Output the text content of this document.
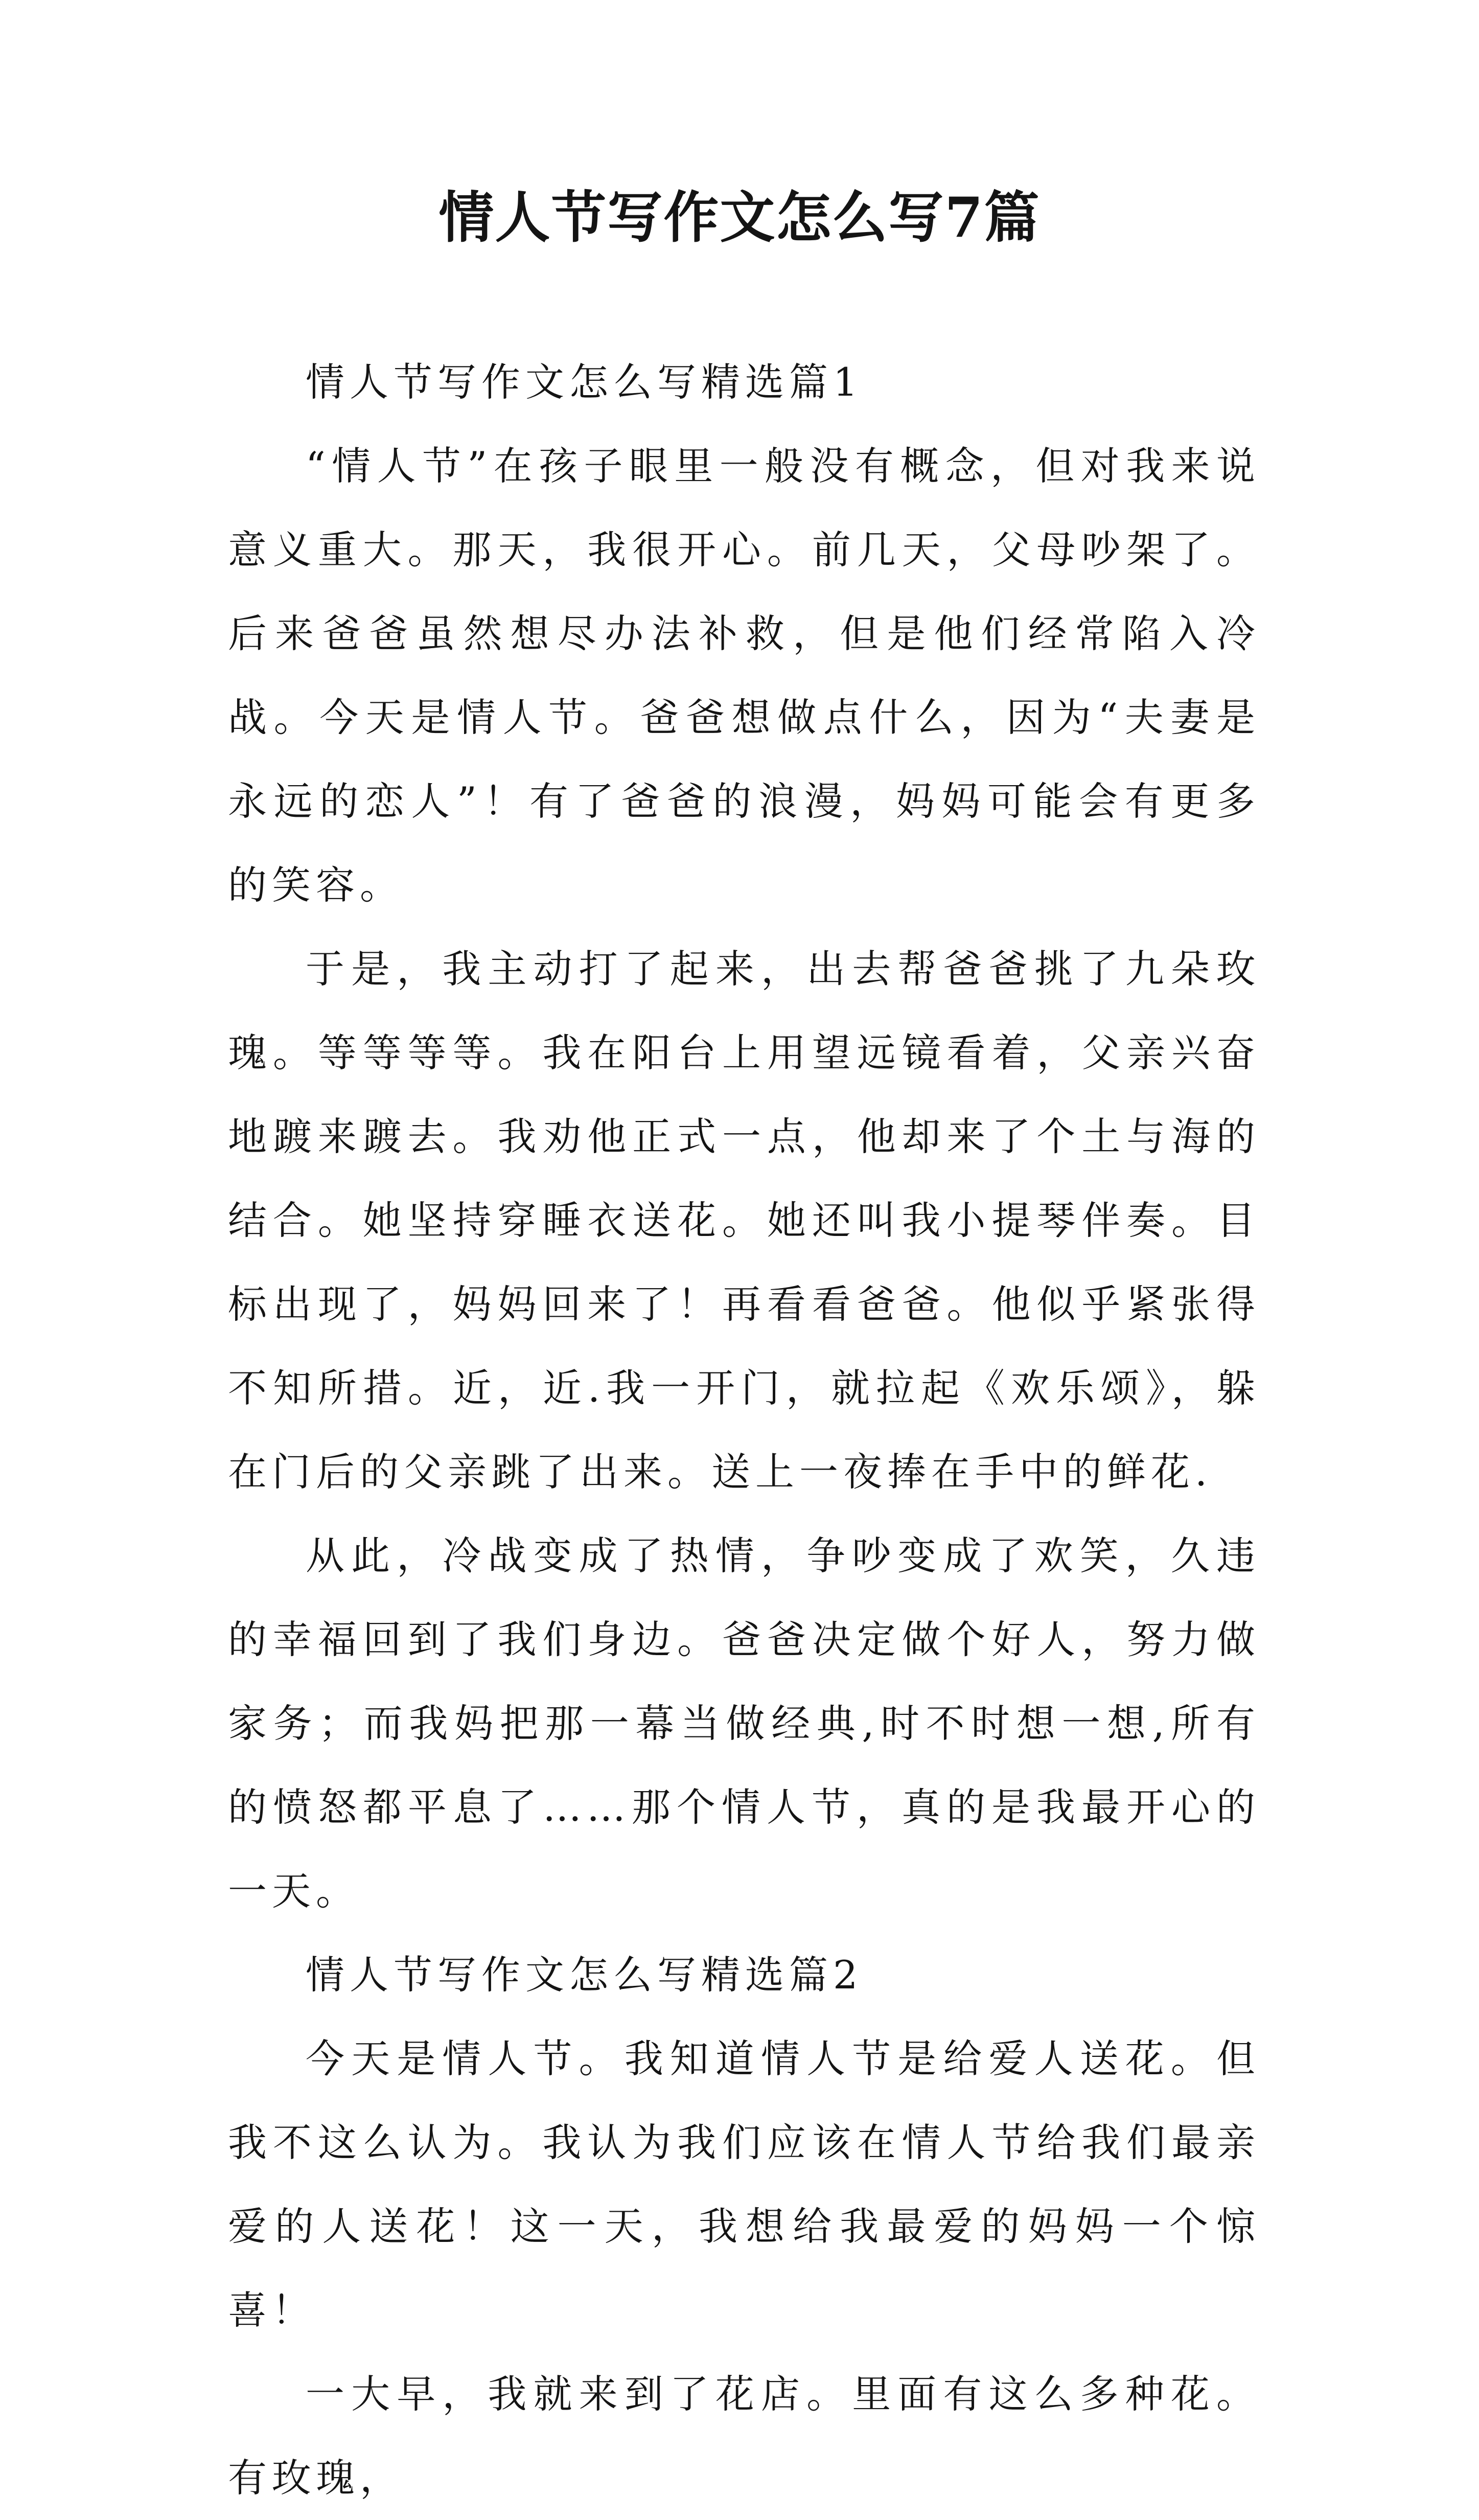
情人节写作文怎么写7篇

情人节写作文怎么写精选篇1

“情人节”在孩子眼里一般没有概念，但对我来说意义重大。那天，我很开心。前几天，父母吵架了。后来爸爸虽然想尽办法补救，但是他们经常陷入冷战。今天是情人节。爸爸想做点什么，因为“夫妻是永远的恋人”！有了爸爸的浪漫，妈妈可能会有更多的笑容。

于是，我主动打了起来，出去帮爸爸挑了九朵玫瑰。等等等等。我在阳台上用望远镜看着，父亲兴奋地踱来踱去。我劝他正式一点，他却来了个土与海的结合。她坚持穿睡衣送花。她还叫我小提琴伴奏。目标出现了，妈妈回来了！再看看爸爸。他似乎紧张得不知所措。近，近.我一开门，就拉起《欢乐颂》，躲在门后的父亲跳了出来。送上一夜捧在手中的鲜花.

从此，冷战变成了热情，争吵变成了欢笑，久违的幸福回到了我们身边。爸爸决定做个好人，努力做家务；而我妈把那一幕当做经典,时不时想一想,所有的愤怒都平息了……那个情人节，真的是我最开心的一天。

情人节写作文怎么写精选篇2

今天是情人节。我知道情人节是给爱人送花。但我不这么认为。我认为我们应该在情人节给我们最亲爱的人送花！这一天，我想给我最爱的妈妈一个惊喜！

一大早，我就来到了花店。里面有这么多种花。有玫瑰，
